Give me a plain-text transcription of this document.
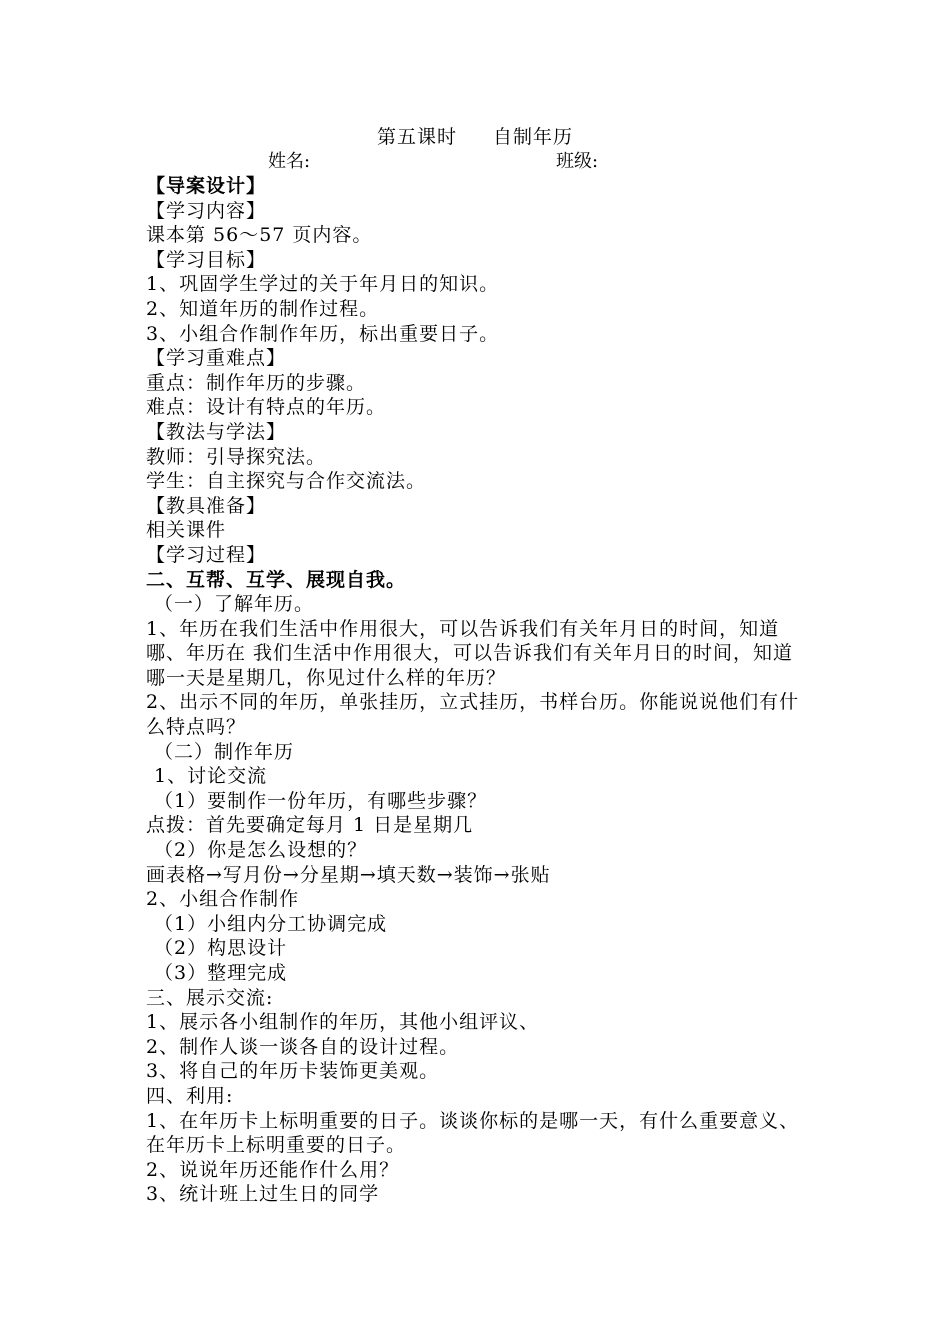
第五课时 自制年历
姓名:	班级:
【导案设计】
【学习内容】
课本第 56～57 页内容。
【学习目标】
1、巩固学生学过的关于年月日的知识。
2、知道年历的制作过程。
3、小组合作制作年历，标出重要日子。
【学习重难点】
重点：制作年历的步骤。
难点：设计有特点的年历。
【教法与学法】
教师：引导探究法。
学生：自主探究与合作交流法。
【教具准备】
相关课件
【学习过程】
二、互帮、互学、展现自我。
（一）了解年历。
1、年历在我们生活中作用很大，可以告诉我们有关年月日的时间，知道哪、年历在 我们生活中作用很大，可以告诉我们有关年月日的时间，知道哪一天是星期几，你见过什么样的年历？
2、出示不同的年历，单张挂历，立式挂历，书样台历。你能说说他们有什么特点吗？
（二）制作年历
1、讨论交流
（1）要制作一份年历，有哪些步骤？
点拨：首先要确定每月 1 日是星期几
（2）你是怎么设想的？
画表格→写月份→分星期→填天数→装饰→张贴
2、小组合作制作
（1）小组内分工协调完成
（2）构思设计
（3）整理完成
三、展示交流:
1、展示各小组制作的年历，其他小组评议、
2、制作人谈一谈各自的设计过程。
3、将自己的年历卡装饰更美观。
四、利用:
1、在年历卡上标明重要的日子。谈谈你标的是哪一天，有什么重要意义、在年历卡上标明重要的日子。
2、说说年历还能作什么用？
3、统计班上过生日的同学
